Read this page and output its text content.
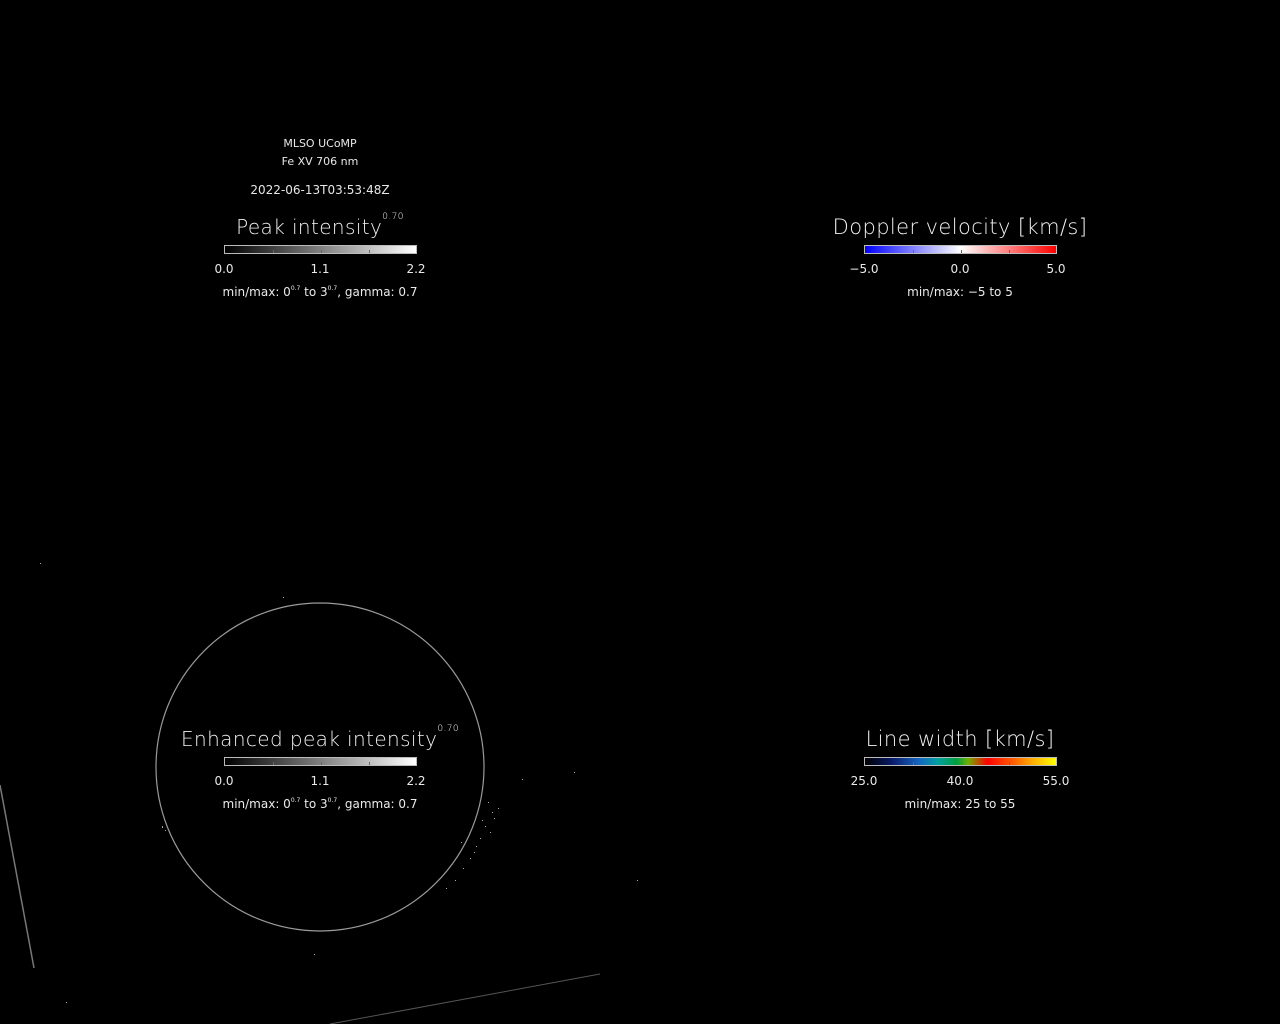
MLSO UCoMP
Fe XV 706 nm
2022-06-13T03:53:48Z
Peak intensity$^{0.70}$
0.0	1.1	2.2
min/max: $0^{0.7}$ to $3^{0.7}$, gamma: 0.7
Doppler velocity [km/s]
−5.0	0.0	5.0
min/max: −5 to 5
Enhanced peak intensity$^{0.70}$
0.0	1.1	2.2
min/max: $0^{0.7}$ to $3^{0.7}$, gamma: 0.7
Line width [km/s]
25.0	40.0	55.0
min/max: 25 to 55
